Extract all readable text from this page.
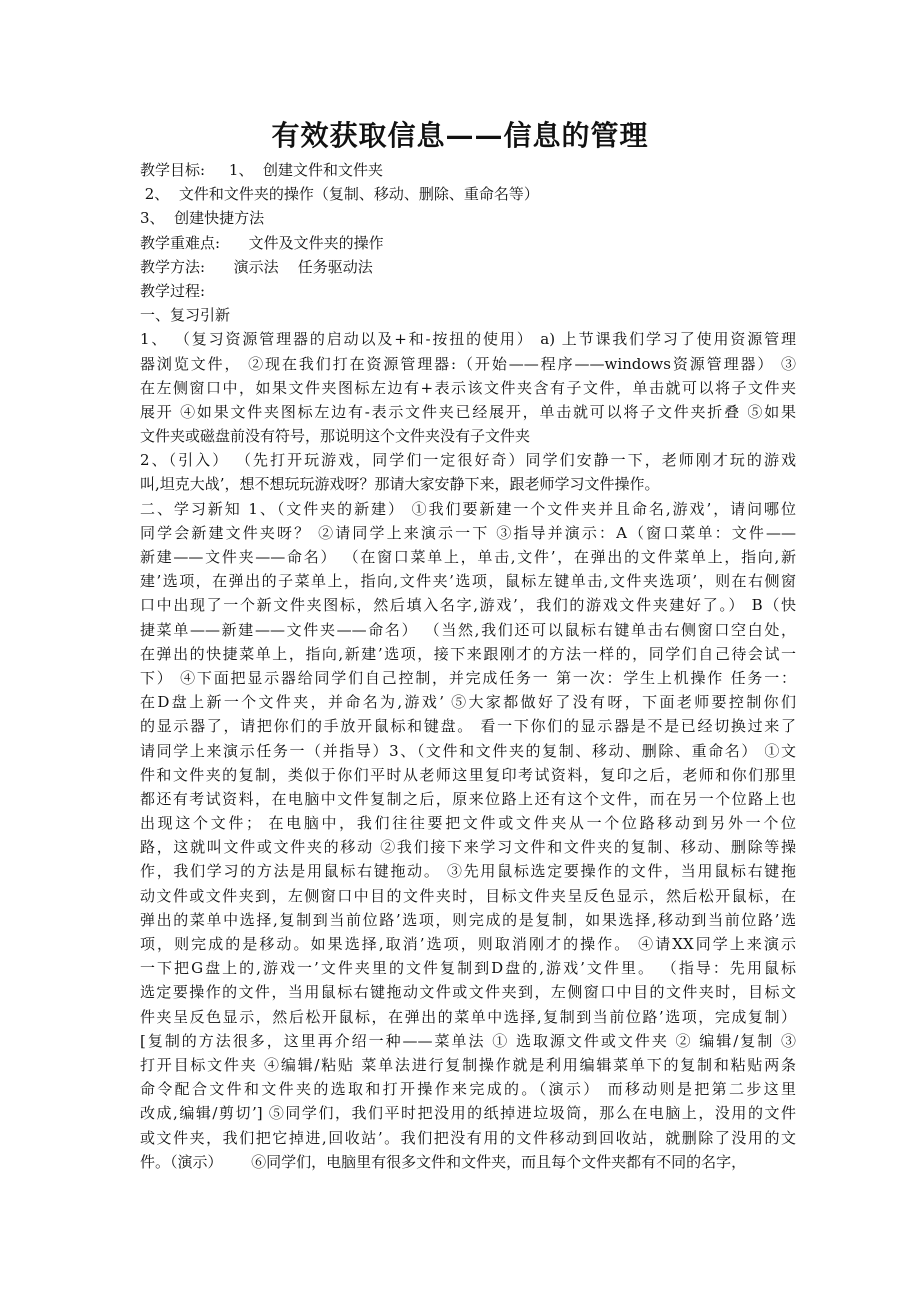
有效获取信息——信息的管理
教学目标:     1、  创建文件和文件夹
2、  文件和文件夹的操作（复制、移动、删除、重命名等）
3、  创建快捷方法
教学重难点:      文件及文件夹的操作
教学方法:      演示法    任务驱动法
教学过程:
一、复习引新
1、 （复习资源管理器的启动以及+和-按扭的使用） a) 上节课我们学习了使用资源管理
器浏览文件， ②现在我们打在资源管理器:（开始——程序——windows资源管理器） ③
在左侧窗口中，如果文件夹图标左边有+表示该文件夹含有子文件，单击就可以将子文件夹
展开 ④如果文件夹图标左边有-表示文件夹已经展开，单击就可以将子文件夹折叠 ⑤如果
文件夹或磁盘前没有符号，那说明这个文件夹没有子文件夹
2、（引入） （先打开玩游戏，同学们一定很好奇）同学们安静一下，老师刚才玩的游戏
叫,坦克大战’，想不想玩玩游戏呀？那请大家安静下来，跟老师学习文件操作。
二、学习新知 1、（文件夹的新建） ①我们要新建一个文件夹并且命名,游戏’，请问哪位
同学会新建文件夹呀？ ②请同学上来演示一下 ③指导并演示：A（窗口菜单：文件——
新建——文件夹——命名） （在窗口菜单上，单击,文件’，在弹出的文件菜单上，指向,新
建’选项，在弹出的子菜单上，指向,文件夹’选项，鼠标左键单击,文件夹选项’，则在右侧窗
口中出现了一个新文件夹图标，然后填入名字,游戏’，我们的游戏文件夹建好了。） B（快
捷菜单——新建——文件夹——命名） （当然,我们还可以鼠标右键单击右侧窗口空白处，
在弹出的快捷菜单上，指向,新建’选项，接下来跟刚才的方法一样的，同学们自己待会试一
下） ④下面把显示器给同学们自己控制，并完成任务一 第一次：学生上机操作 任务一：
在D盘上新一个文件夹，并命名为,游戏’ ⑤大家都做好了没有呀，下面老师要控制你们
的显示器了，请把你们的手放开鼠标和键盘。 看一下你们的显示器是不是已经切换过来了
请同学上来演示任务一（并指导）3、（文件和文件夹的复制、移动、删除、重命名） ①文
件和文件夹的复制，类似于你们平时从老师这里复印考试资料，复印之后，老师和你们那里
都还有考试资料，在电脑中文件复制之后，原来位路上还有这个文件，而在另一个位路上也
出现这个文件； 在电脑中，我们往往要把文件或文件夹从一个位路移动到另外一个位
路，这就叫文件或文件夹的移动 ②我们接下来学习文件和文件夹的复制、移动、删除等操
作，我们学习的方法是用鼠标右键拖动。 ③先用鼠标选定要操作的文件，当用鼠标右键拖
动文件或文件夹到，左侧窗口中目的文件夹时，目标文件夹呈反色显示，然后松开鼠标，在
弹出的菜单中选择,复制到当前位路’选项，则完成的是复制，如果选择,移动到当前位路’选
项，则完成的是移动。如果选择,取消’选项，则取消刚才的操作。 ④请XX同学上来演示
一下把G盘上的,游戏一’文件夹里的文件复制到D盘的,游戏’文件里。 （指导：先用鼠标
选定要操作的文件，当用鼠标右键拖动文件或文件夹到，左侧窗口中目的文件夹时，目标文
件夹呈反色显示，然后松开鼠标，在弹出的菜单中选择,复制到当前位路’选项，完成复制）
[复制的方法很多，这里再介绍一种——菜单法 ① 选取源文件或文件夹 ② 编辑/复制 ③
打开目标文件夹 ④编辑/粘贴 菜单法进行复制操作就是利用编辑菜单下的复制和粘贴两条
命令配合文件和文件夹的选取和打开操作来完成的。（演示） 而移动则是把第二步这里
改成,编辑/剪切’] ⑤同学们，我们平时把没用的纸掉进垃圾筒，那么在电脑上，没用的文件
或文件夹，我们把它掉进,回收站’。我们把没有用的文件移动到回收站，就删除了没用的文
件。（演示）      ⑥同学们，电脑里有很多文件和文件夹，而且每个文件夹都有不同的名字，
